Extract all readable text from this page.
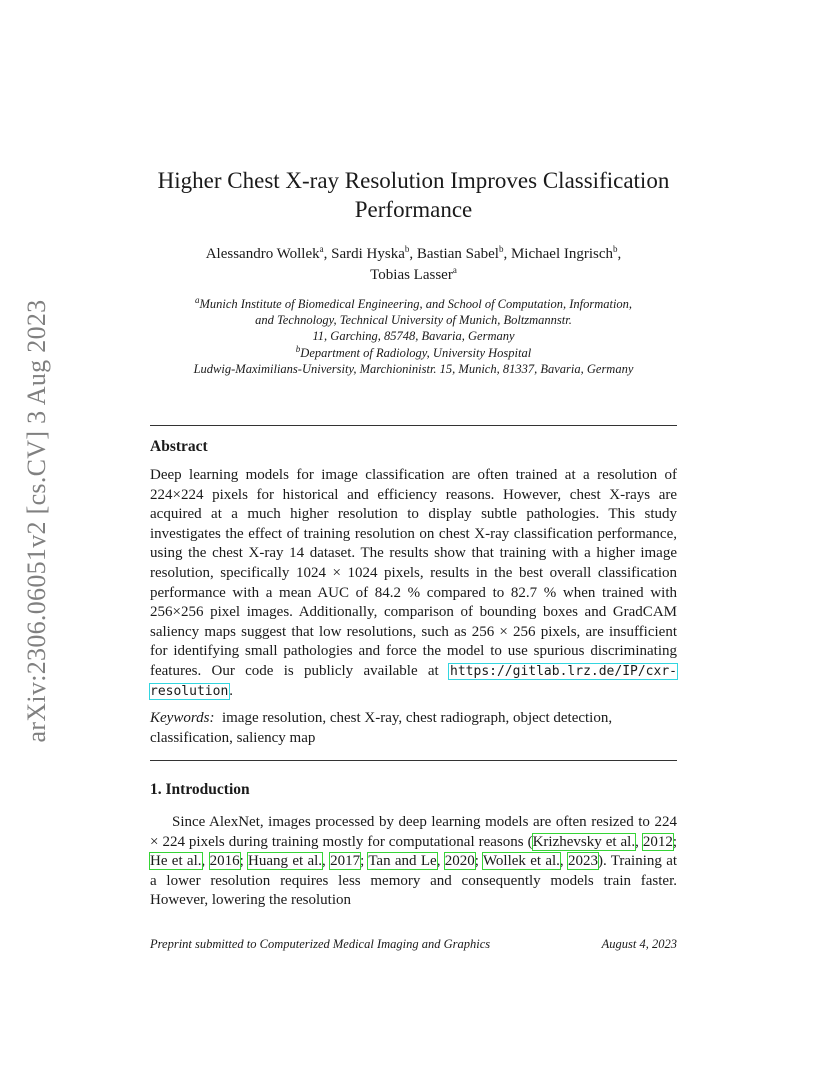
arXiv:2306.06051v2 [cs.CV] 3 Aug 2023
Higher Chest X-ray Resolution Improves Classification
Performance
Alessandro Wollek$^a$, Sardi Hyska$^b$, Bastian Sabel$^b$, Michael Ingrisch$^b$,
Tobias Lasser$^a$
$^a$Munich Institute of Biomedical Engineering, and School of Computation, Information,
and Technology, Technical University of Munich, Boltzmannstr.
11, Garching, 85748, Bavaria, Germany
$^b$Department of Radiology, University Hospital
Ludwig-Maximilians-University, Marchioninistr. 15, Munich, 81337, Bavaria, Germany
Abstract
Deep learning models for image classification are often trained at a resolution of 224×224 pixels for historical and efficiency reasons. However, chest X-rays are acquired at a much higher resolution to display subtle pathologies. This study investigates the effect of training resolution on chest X-ray classification performance, using the chest X-ray 14 dataset. The results show that training with a higher image resolution, specifically 1024 × 1024 pixels, results in the best overall classification performance with a mean AUC of 84.2 % compared to 82.7 % when trained with 256×256 pixel images. Additionally, comparison of bounding boxes and GradCAM saliency maps suggest that low resolutions, such as 256 × 256 pixels, are insufficient for identifying small pathologies and force the model to use spurious discriminating features. Our code is publicly available at https://gitlab.lrz.de/IP/cxr-resolution.
Keywords: image resolution, chest X-ray, chest radiograph, object detection, classification, saliency map
1. Introduction
Since AlexNet, images processed by deep learning models are often resized to 224 × 224 pixels during training mostly for computational reasons (Krizhevsky et al., 2012; He et al., 2016; Huang et al., 2017; Tan and Le, 2020; Wollek et al., 2023). Training at a lower resolution requires less memory and consequently models train faster. However, lowering the resolution
Preprint submitted to Computerized Medical Imaging and Graphics	August 4, 2023
